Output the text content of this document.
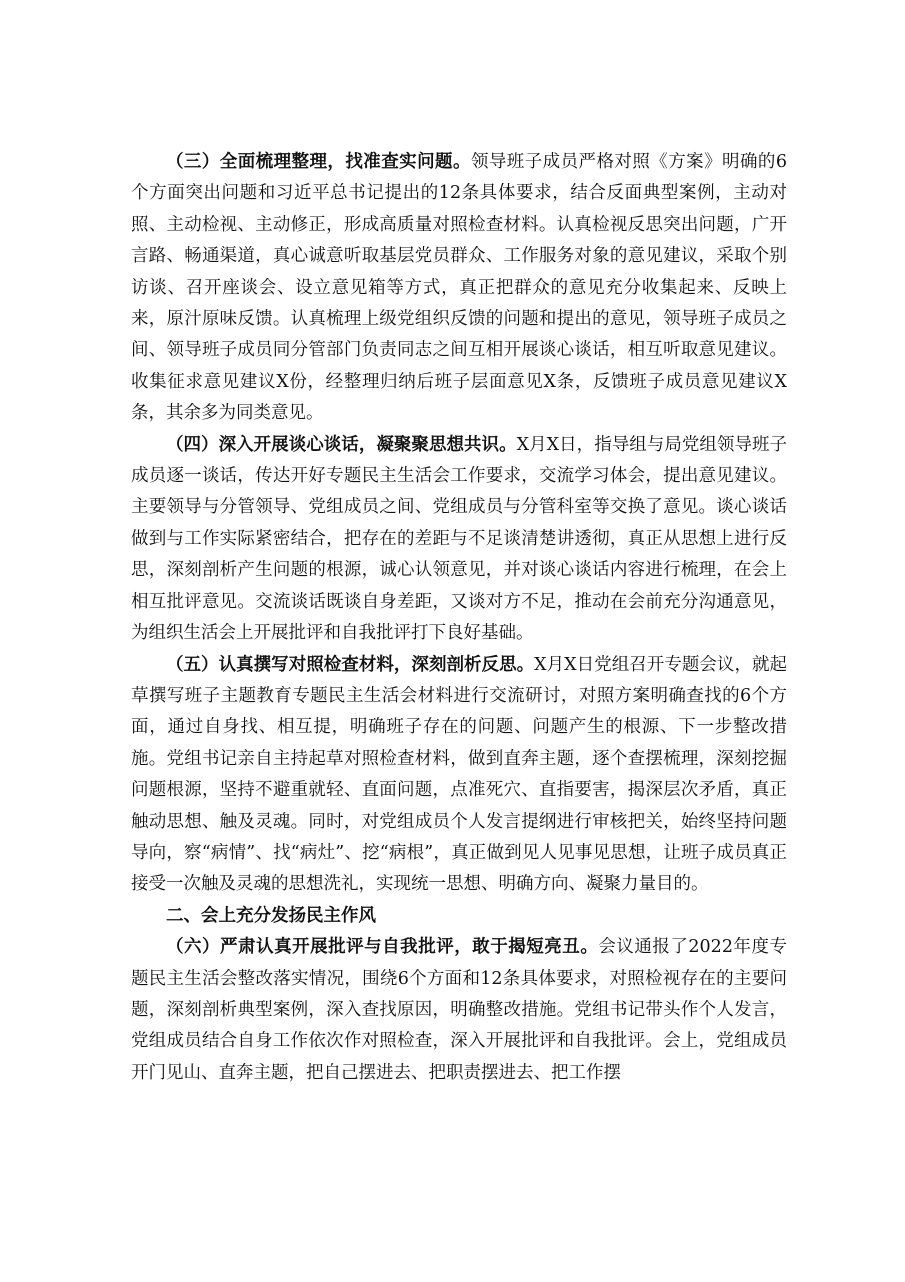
（三）全面梳理整理，找准查实问题。领导班子成员严格对照《方案》明确的6个方面突出问题和习近平总书记提出的12条具体要求，结合反面典型案例，主动对照、主动检视、主动修正，形成高质量对照检查材料。认真检视反思突出问题，广开言路、畅通渠道，真心诚意听取基层党员群众、工作服务对象的意见建议，采取个别访谈、召开座谈会、设立意见箱等方式，真正把群众的意见充分收集起来、反映上来，原汁原味反馈。认真梳理上级党组织反馈的问题和提出的意见，领导班子成员之间、领导班子成员同分管部门负责同志之间互相开展谈心谈话，相互听取意见建议。收集征求意见建议X份，经整理归纳后班子层面意见X条，反馈班子成员意见建议X条，其余多为同类意见。

（四）深入开展谈心谈话，凝聚聚思想共识。X月X日，指导组与局党组领导班子成员逐一谈话，传达开好专题民主生活会工作要求，交流学习体会，提出意见建议。主要领导与分管领导、党组成员之间、党组成员与分管科室等交换了意见。谈心谈话做到与工作实际紧密结合，把存在的差距与不足谈清楚讲透彻，真正从思想上进行反思，深刻剖析产生问题的根源，诚心认领意见，并对谈心谈话内容进行梳理，在会上相互批评意见。交流谈话既谈自身差距，又谈对方不足，推动在会前充分沟通意见，为组织生活会上开展批评和自我批评打下良好基础。

（五）认真撰写对照检查材料，深刻剖析反思。X月X日党组召开专题会议，就起草撰写班子主题教育专题民主生活会材料进行交流研讨，对照方案明确查找的6个方面，通过自身找、相互提，明确班子存在的问题、问题产生的根源、下一步整改措施。党组书记亲自主持起草对照检查材料，做到直奔主题，逐个查摆梳理，深刻挖掘问题根源，坚持不避重就轻、直面问题，点准死穴、直指要害，揭深层次矛盾，真正触动思想、触及灵魂。同时，对党组成员个人发言提纲进行审核把关，始终坚持问题导向，察“病情”、找“病灶”、挖“病根”，真正做到见人见事见思想，让班子成员真正接受一次触及灵魂的思想洗礼，实现统一思想、明确方向、凝聚力量目的。

二、会上充分发扬民主作风

（六）严肃认真开展批评与自我批评，敢于揭短亮丑。会议通报了2022年度专题民主生活会整改落实情况，围绕6个方面和12条具体要求，对照检视存在的主要问题，深刻剖析典型案例，深入查找原因，明确整改措施。党组书记带头作个人发言，党组成员结合自身工作依次作对照检查，深入开展批评和自我批评。会上，党组成员开门见山、直奔主题，把自己摆进去、把职责摆进去、把工作摆
